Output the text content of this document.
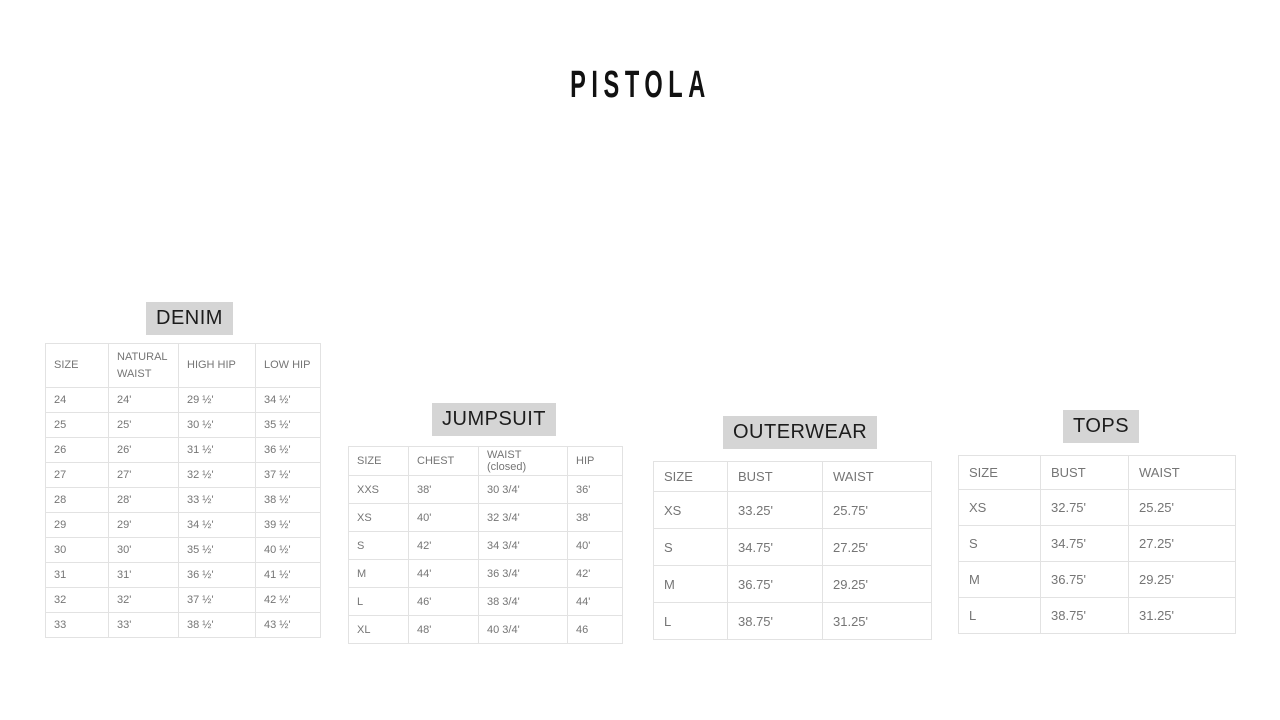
PISTOLA
DENIM
SIZE	NATURAL WAIST	HIGH HIP	LOW HIP
24	24'	29 ½'	34 ½'
25	25'	30 ½'	35 ½'
26	26'	31 ½'	36 ½'
27	27'	32 ½'	37 ½'
28	28'	33 ½'	38 ½'
29	29'	34 ½'	39 ½'
30	30'	35 ½'	40 ½'
31	31'	36 ½'	41 ½'
32	32'	37 ½'	42 ½'
33	33'	38 ½'	43 ½'
JUMPSUIT
SIZE	CHEST	WAIST (closed)	HIP
XXS	38'	30 3/4'	36'
XS	40'	32 3/4'	38'
S	42'	34 3/4'	40'
M	44'	36 3/4'	42'
L	46'	38 3/4'	44'
XL	48'	40 3/4'	46
OUTERWEAR
SIZE	BUST	WAIST
XS	33.25'	25.75'
S	34.75'	27.25'
M	36.75'	29.25'
L	38.75'	31.25'
TOPS
SIZE	BUST	WAIST
XS	32.75'	25.25'
S	34.75'	27.25'
M	36.75'	29.25'
L	38.75'	31.25'
